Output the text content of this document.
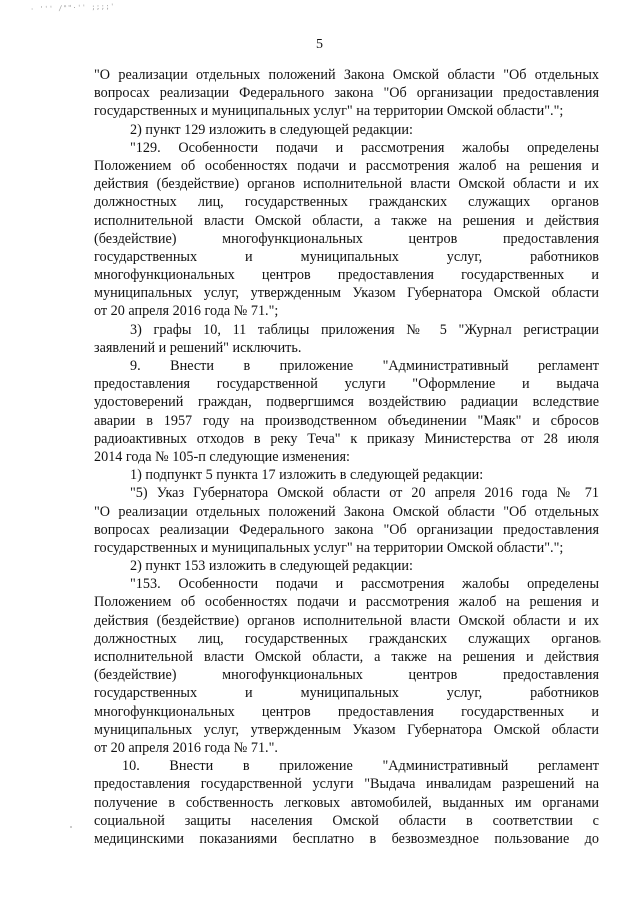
· ''' /""·'' ;;;;'
5
"О реализации отдельных положений Закона Омской области "Об отдельных
вопросах реализации Федерального закона "Об организации предоставления
государственных и муниципальных услуг" на территории Омской области".";
2) пункт 129 изложить в следующей редакции:
"129. Особенности подачи и рассмотрения жалобы определены
Положением об особенностях подачи и рассмотрения жалоб на решения и
действия (бездействие) органов исполнительной власти Омской области и их
должностных лиц, государственных гражданских служащих органов
исполнительной власти Омской области, а также на решения и действия
(бездействие) многофункциональных центров предоставления
государственных и муниципальных услуг, работников
многофункциональных центров предоставления государственных и
муниципальных услуг, утвержденным Указом Губернатора Омской области
от 20 апреля 2016 года № 71.";
3) графы 10, 11 таблицы приложения № 5 "Журнал регистрации
заявлений и решений" исключить.
9. Внести в приложение "Административный регламент
предоставления государственной услуги "Оформление и выдача
удостоверений граждан, подвергшимся воздействию радиации вследствие
аварии в 1957 году на производственном объединении "Маяк" и сбросов
радиоактивных отходов в реку Теча" к приказу Министерства от 28 июля
2014 года № 105-п следующие изменения:
1) подпункт 5 пункта 17 изложить в следующей редакции:
"5) Указ Губернатора Омской области от 20 апреля 2016 года № 71
"О реализации отдельных положений Закона Омской области "Об отдельных
вопросах реализации Федерального закона "Об организации предоставления
государственных и муниципальных услуг" на территории Омской области".";
2) пункт 153 изложить в следующей редакции:
"153. Особенности подачи и рассмотрения жалобы определены
Положением об особенностях подачи и рассмотрения жалоб на решения и
действия (бездействие) органов исполнительной власти Омской области и их
должностных лиц, государственных гражданских служащих органов
исполнительной власти Омской области, а также на решения и действия
(бездействие) многофункциональных центров предоставления
государственных и муниципальных услуг, работников
многофункциональных центров предоставления государственных и
муниципальных услуг, утвержденным Указом Губернатора Омской области
от 20 апреля 2016 года № 71.".
10. Внести в приложение "Административный регламент
предоставления государственной услуги "Выдача инвалидам разрешений на
получение в собственность легковых автомобилей, выданных им органами
социальной защиты населения Омской области в соответствии с
медицинскими показаниями бесплатно в безвозмездное пользование до
